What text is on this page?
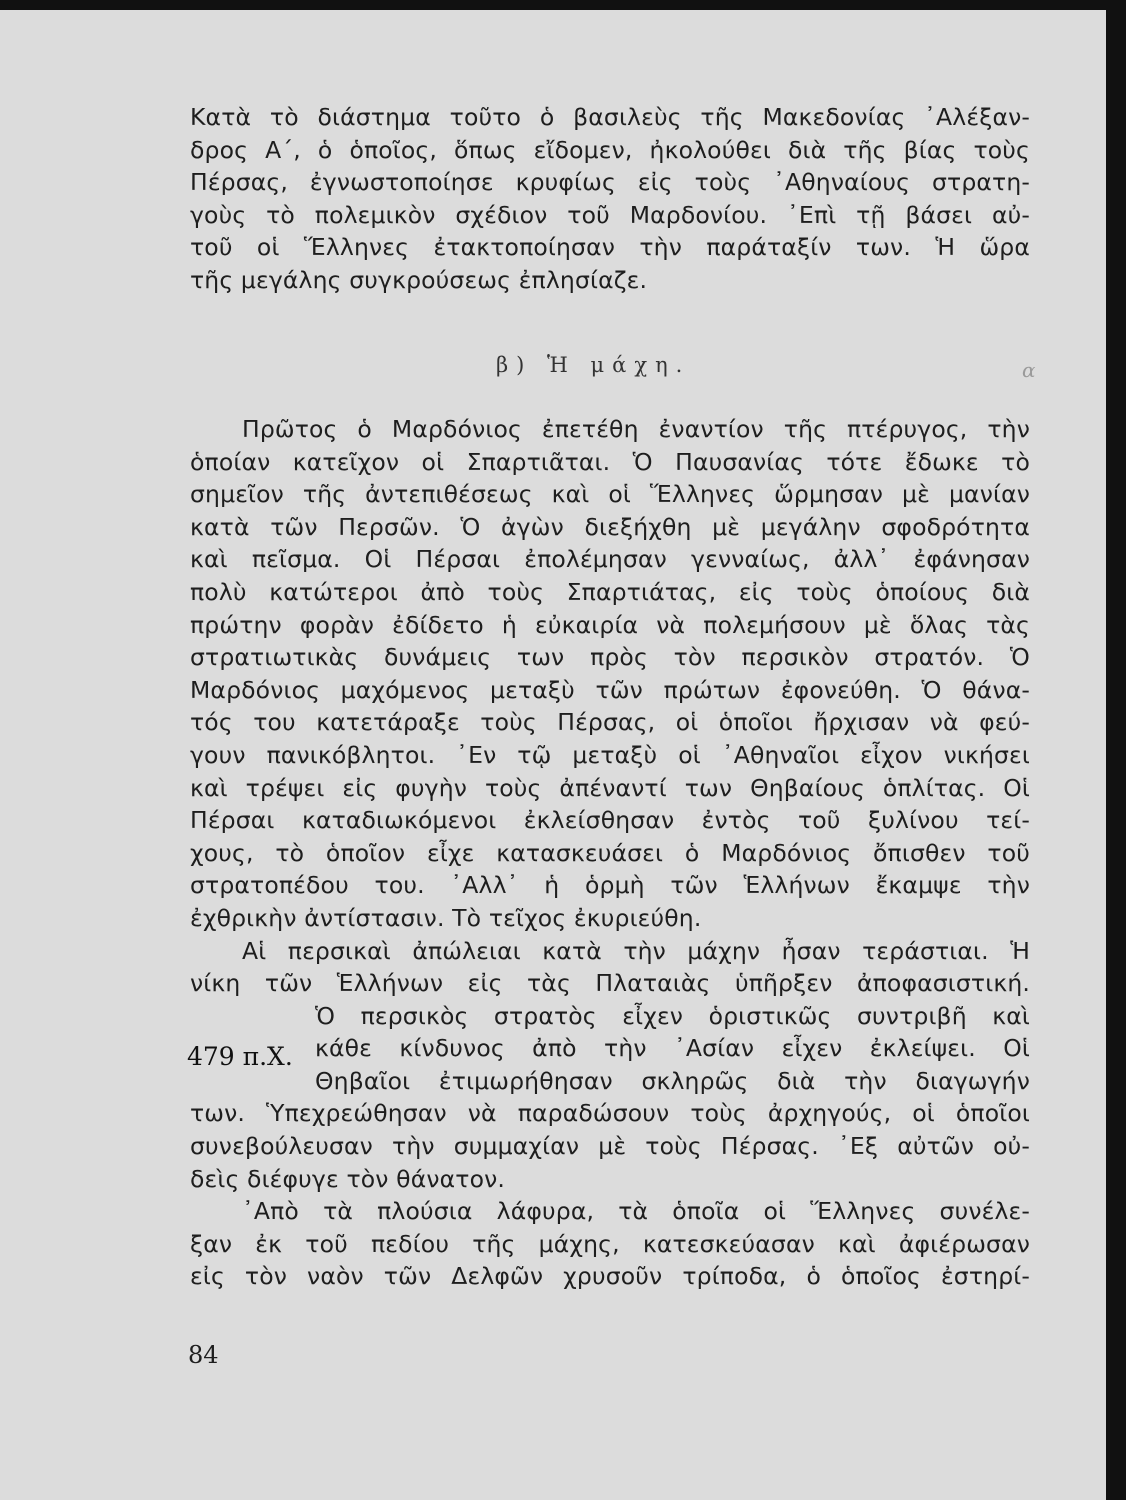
Κατὰ τὸ διάστημα τοῦτο ὁ βασιλεὺς τῆς Μακεδονίας ᾿Αλέξαν-
δρος Α΄, ὁ ὁποῖος, ὅπως εἴδομεν, ἠκολούθει διὰ τῆς βίας τοὺς
Πέρσας, ἐγνωστοποίησε κρυφίως εἰς τοὺς ᾿Αθηναίους στρατη-
γοὺς τὸ πολεμικὸν σχέδιον τοῦ Μαρδονίου. ᾿Επὶ τῇ βάσει αὐ-
τοῦ οἱ Ἕλληνες ἐτακτοποίησαν τὴν παράταξίν των. Ἡ ὥρα
τῆς μεγάλης συγκρούσεως ἐπλησίαζε.
β) Ἡ μάχη.	α
Πρῶτος ὁ Μαρδόνιος ἐπετέθη ἐναντίον τῆς πτέρυγος, τὴν
ὁποίαν κατεῖχον οἱ Σπαρτιᾶται. Ὁ Παυσανίας τότε ἔδωκε τὸ
σημεῖον τῆς ἀντεπιθέσεως καὶ οἱ Ἕλληνες ὥρμησαν μὲ μανίαν
κατὰ τῶν Περσῶν. Ὁ ἀγὼν διεξήχθη μὲ μεγάλην σφοδρότητα
καὶ πεῖσμα. Οἱ Πέρσαι ἐπολέμησαν γενναίως, ἀλλ᾿ ἐφάνησαν
πολὺ κατώτεροι ἀπὸ τοὺς Σπαρτιάτας, εἰς τοὺς ὁποίους διὰ
πρώτην φορὰν ἐδίδετο ἡ εὐκαιρία νὰ πολεμήσουν μὲ ὅλας τὰς
στρατιωτικὰς δυνάμεις των πρὸς τὸν περσικὸν στρατόν. Ὁ
Μαρδόνιος μαχόμενος μεταξὺ τῶν πρώτων ἐφονεύθη. Ὁ θάνα-
τός του κατετάραξε τοὺς Πέρσας, οἱ ὁποῖοι ἤρχισαν νὰ φεύ-
γουν πανικόβλητοι. ᾿Εν τῷ μεταξὺ οἱ ᾿Αθηναῖοι εἶχον νικήσει
καὶ τρέψει εἰς φυγὴν τοὺς ἀπέναντί των Θηβαίους ὁπλίτας. Οἱ
Πέρσαι καταδιωκόμενοι ἐκλείσθησαν ἐντὸς τοῦ ξυλίνου τεί-
χους, τὸ ὁποῖον εἶχε κατασκευάσει ὁ Μαρδόνιος ὄπισθεν τοῦ
στρατοπέδου του. ᾿Αλλ᾿ ἡ ὁρμὴ τῶν Ἑλλήνων ἔκαμψε τὴν
ἐχθρικὴν ἀντίστασιν. Τὸ τεῖχος ἐκυριεύθη.
Αἱ περσικαὶ ἀπώλειαι κατὰ τὴν μάχην ἦσαν τεράστιαι. Ἡ
νίκη τῶν Ἑλλήνων εἰς τὰς Πλαταιὰς ὑπῆρξεν ἀποφασιστική.
Ὁ περσικὸς στρατὸς εἶχεν ὁριστικῶς συντριβῆ καὶ
κάθε κίνδυνος ἀπὸ τὴν ᾿Ασίαν εἶχεν ἐκλείψει. Οἱ
Θηβαῖοι ἐτιμωρήθησαν σκληρῶς διὰ τὴν διαγωγήν
των. Ὑπεχρεώθησαν νὰ παραδώσουν τοὺς ἀρχηγούς, οἱ ὁποῖοι
συνεβούλευσαν τὴν συμμαχίαν μὲ τοὺς Πέρσας. ᾿Εξ αὐτῶν οὐ-
δεὶς διέφυγε τὸν θάνατον.
᾿Απὸ τὰ πλούσια λάφυρα, τὰ ὁποῖα οἱ Ἕλληνες συνέλε-
ξαν ἐκ τοῦ πεδίου τῆς μάχης, κατεσκεύασαν καὶ ἀφιέρωσαν
εἰς τὸν ναὸν τῶν Δελφῶν χρυσοῦν τρίποδα, ὁ ὁποῖος ἐστηρί-
479 π.Χ.
84
